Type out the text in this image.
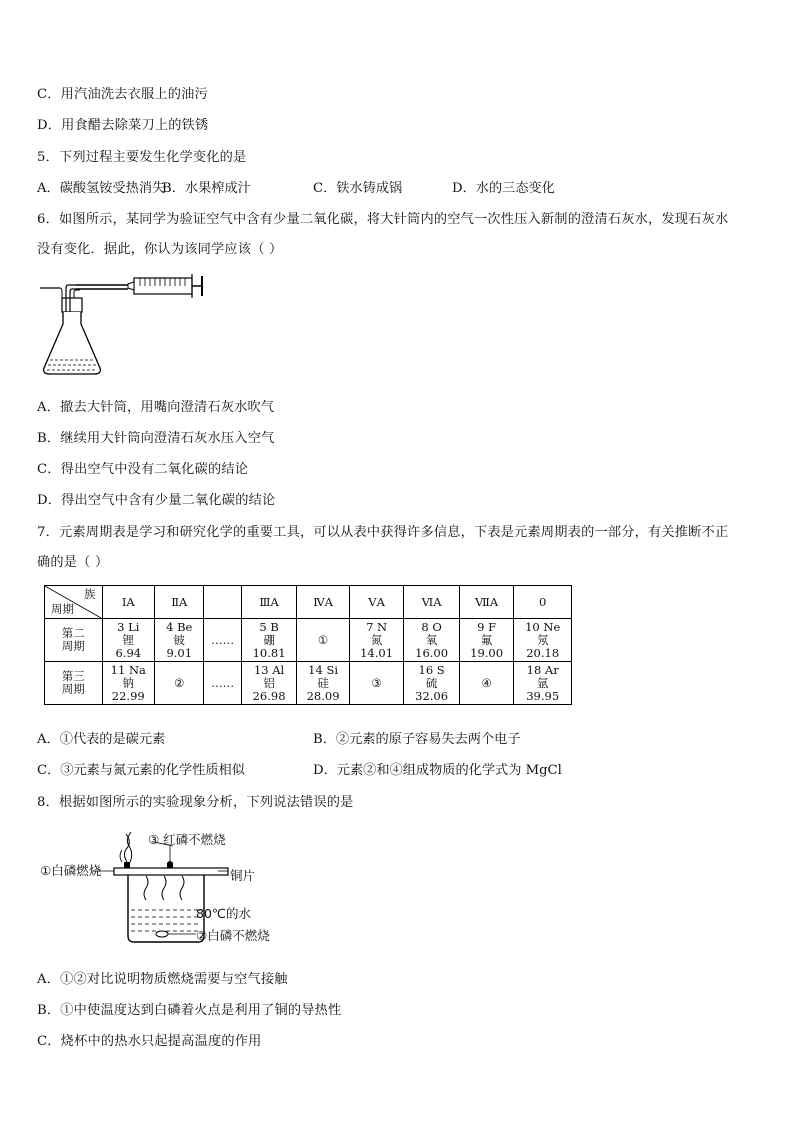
C．用汽油洗去衣服上的油污
D．用食醋去除菜刀上的铁锈
5．下列过程主要发生化学变化的是
A．碳酸氢铵受热消失
B．水果榨成汁	C．铁水铸成锅	D．水的三态变化
6．如图所示，某同学为验证空气中含有少量二氧化碳，将大针筒内的空气一次性压入新制的澄清石灰水，发现石灰水
没有变化．据此，你认为该同学应该（ ）
A．撤去大针筒，用嘴向澄清石灰水吹气
B．继续用大针筒向澄清石灰水压入空气
C．得出空气中没有二氧化碳的结论
D．得出空气中含有少量二氧化碳的结论
7．元素周期表是学习和研究化学的重要工具，可以从表中获得许多信息，下表是元素周期表的一部分，有关推断不正
确的是（ ）
族
周期	ⅠA	ⅡA		ⅢA	ⅣA	ⅤA	ⅥA	ⅦA	0

第二
周期	3 Li
锂
6.94	4 Be
铍
9.01	……	5 B
硼
10.81	①	7 N
氮
14.01	8 O
氧
16.00	9 F
氟
19.00	10 Ne
氖
20.18

第三
周期	11 Na
钠
22.99	②	……	13 Al
铝
26.98	14 Si
硅
28.09	③	16 S
硫
32.06	④	18 Ar
氩
39.95
A．①代表的是碳元素	B．②元素的原子容易失去两个电子
C．③元素与氮元素的化学性质相似	D．元素②和④组成物质的化学式为 MgCl
8．根据如图所示的实验现象分析，下列说法错误的是
③ 红磷不燃烧
①白磷燃烧	铜片
80℃的水
②白磷不燃烧
A．①②对比说明物质燃烧需要与空气接触
B．①中使温度达到白磷着火点是利用了铜的导热性
C．烧杯中的热水只起提高温度的作用
